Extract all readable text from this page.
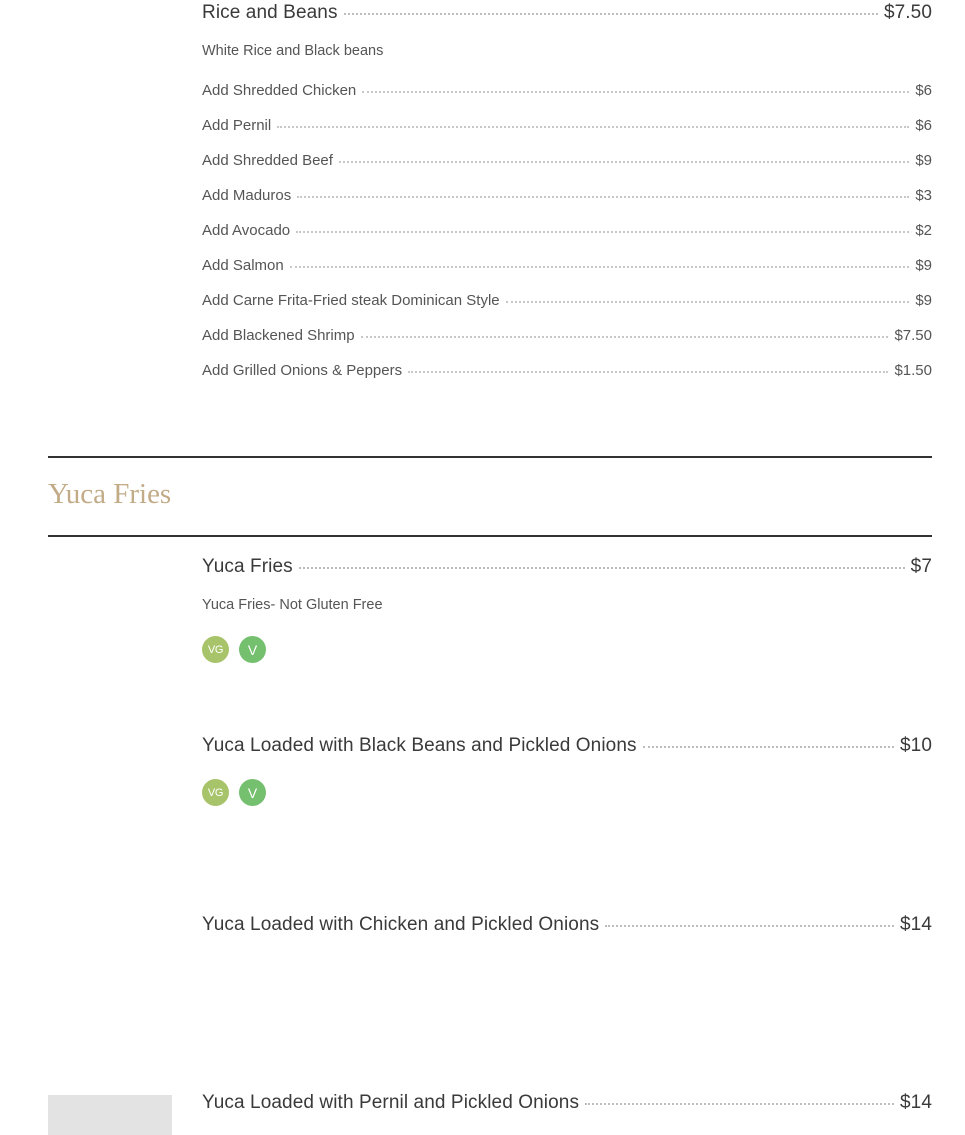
Rice and Beans	$7.50
White Rice and Black beans
Add Shredded Chicken	$6
Add Pernil	$6
Add Shredded Beef	$9
Add Maduros	$3
Add Avocado	$2
Add Salmon	$9
Add Carne Frita-Fried steak Dominican Style	$9
Add Blackened Shrimp	$7.50
Add Grilled Onions & Peppers	$1.50
Yuca Fries
Yuca Fries	$7
Yuca Fries- Not Gluten Free
VG	V
Yuca Loaded with Black Beans and Pickled Onions	$10
VG	V
Yuca Loaded with Chicken and Pickled Onions	$14
Yuca Loaded with Pernil and Pickled Onions	$14
